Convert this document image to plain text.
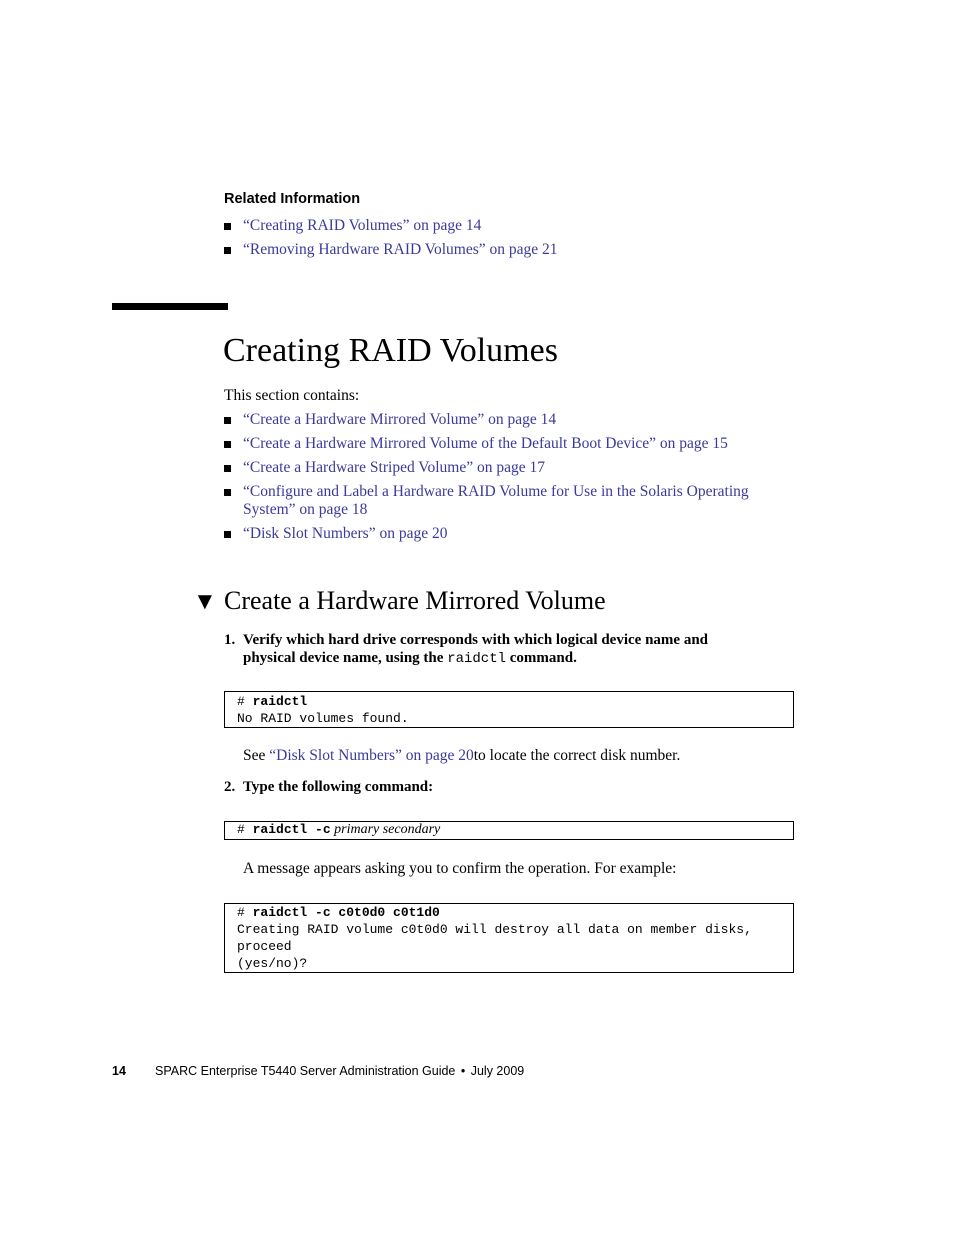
Related Information
“Creating RAID Volumes” on page 14
“Removing Hardware RAID Volumes” on page 21
Creating RAID Volumes
This section contains:
“Create a Hardware Mirrored Volume” on page 14
“Create a Hardware Mirrored Volume of the Default Boot Device” on page 15
“Create a Hardware Striped Volume” on page 17
“Configure and Label a Hardware RAID Volume for Use in the Solaris Operating
System” on page 18
“Disk Slot Numbers” on page 20
▼ Create a Hardware Mirrored Volume
1. Verify which hard drive corresponds with which logical device name and
physical device name, using the raidctl command.
# raidctl
No RAID volumes found.
See “Disk Slot Numbers” on page 20to locate the correct disk number.
2. Type the following command:
# raidctl -c primary secondary
A message appears asking you to confirm the operation. For example:
# raidctl -c c0t0d0 c0t1d0
Creating RAID volume c0t0d0 will destroy all data on member disks,
proceed
(yes/no)?
14 SPARC Enterprise T5440 Server Administration Guide • July 2009
